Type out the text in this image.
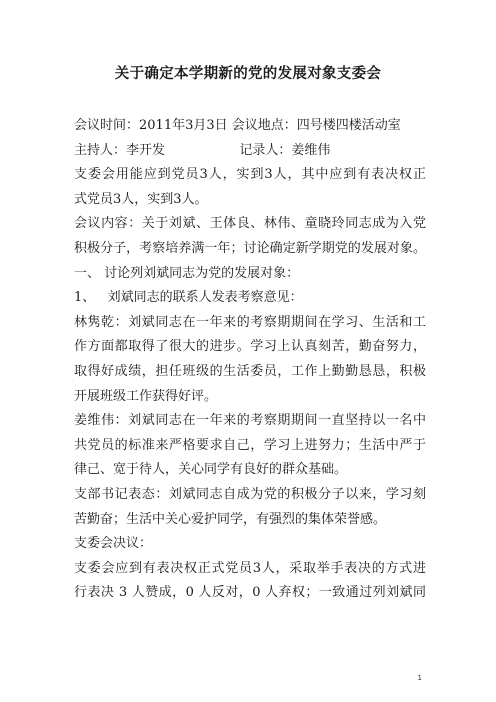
关于确定本学期新的党的发展对象支委会
会议时间：2011年3月3日 会议地点：四号楼四楼活动室
主持人：李开发                  记录人：姜维伟
支委会用能应到党员3人，实到3人，其中应到有表决权正
式党员3人，实到3人。
会议内容：关于刘斌、王体良、林伟、童晓玲同志成为入党
积极分子，考察培养满一年；讨论确定新学期党的发展对象。
一、 讨论列刘斌同志为党的发展对象：
1、   刘斌同志的联系人发表考察意见：
林隽乾：刘斌同志在一年来的考察期期间在学习、生活和工
作方面都取得了很大的进步。学习上认真刻苦，勤奋努力，
取得好成绩，担任班级的生活委员，工作上勤勤恳恳，积极
开展班级工作获得好评。
姜维伟：刘斌同志在一年来的考察期期间一直坚持以一名中
共党员的标准来严格要求自己，学习上进努力；生活中严于
律己、宽于待人，关心同学有良好的群众基础。
支部书记表态：刘斌同志自成为党的积极分子以来，学习刻
苦勤奋；生活中关心爱护同学，有强烈的集体荣誉感。
支委会决议：
支委会应到有表决权正式党员3人，采取举手表决的方式进
行表决 3 人赞成，0 人反对，0 人弃权；一致通过列刘斌同
1
